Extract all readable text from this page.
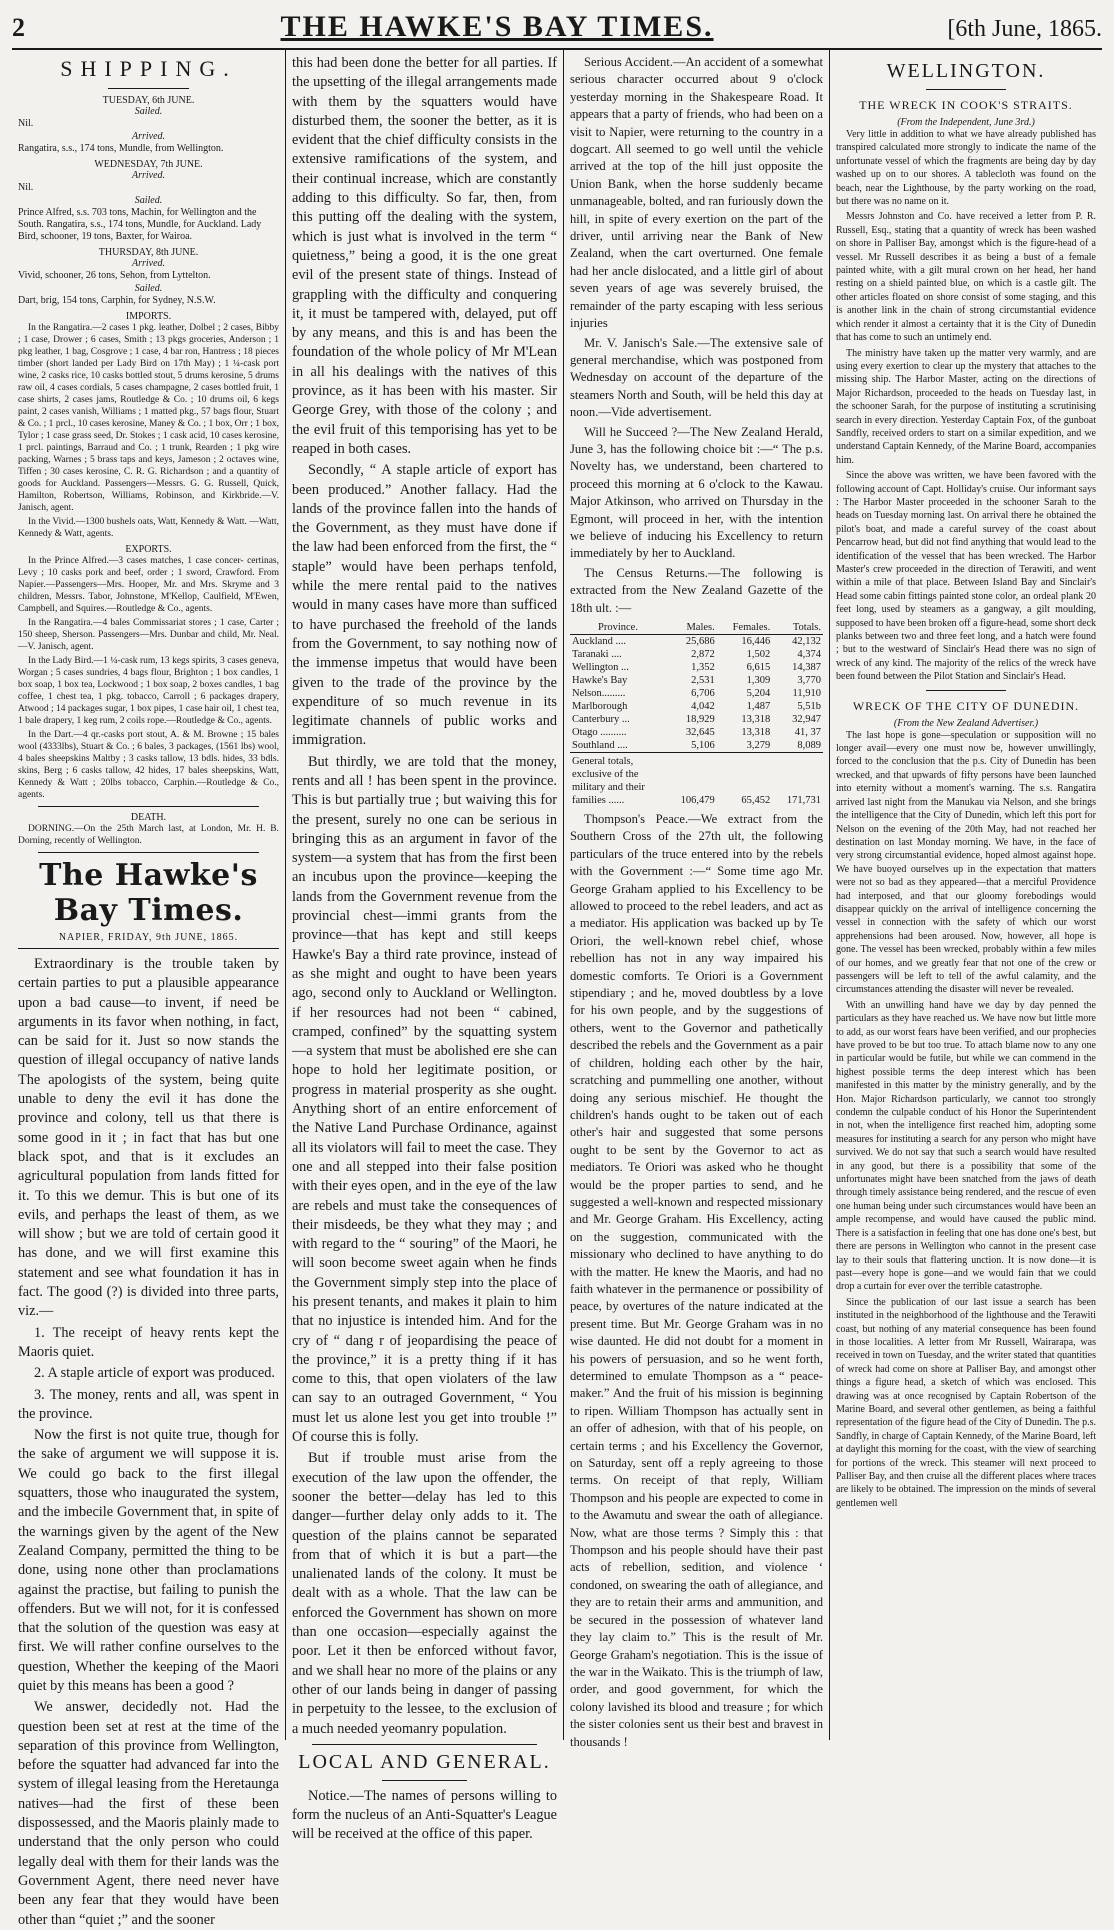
2	THE HAWKE'S BAY TIMES.	[6th June, 1865.
SHIPPING.
TUESDAY, 6th JUNE.
Sailed.
Nil.
Arrived.
Rangatira, s.s., 174 tons, Mundle, from Wellington.
WEDNESDAY, 7th JUNE.
Arrived.
Nil.
Sailed.
Prince Alfred, s.s. 703 tons, Machin, for Wellington and the South. Rangatira, s.s., 174 tons, Mundle, for Auckland. Lady Bird, schooner, 19 tons, Baxter, for Wairoa.
THURSDAY, 8th JUNE.
Arrived.
Vivid, schooner, 26 tons, Sehon, from Lyttelton.
Sailed.
Dart, brig, 154 tons, Carphin, for Sydney, N.S.W.
IMPORTS.

In the Rangatira.—2 cases 1 pkg. leather, Dolbel ; 2 cases, Bibby ; 1 case, Drower ; 6 cases, Smith ; 13 pkgs groceries, Anderson ; 1 pkg leather, 1 bag, Cosgrove ; 1 case, 4 bar ron, Hantress ; 18 pieces timber (short landed per Lady Bird on 17th May) ; 1 ¼-cask port wine, 2 casks rice, 10 casks bottled stout, 5 drums kerosine, 5 drums raw oil, 4 cases cordials, 5 cases champagne, 2 cases bottled fruit, 1 case shirts, 2 cases jams, Routledge & Co. ; 10 drums oil, 6 kegs paint, 2 cases vanish, Williams ; 1 matted pkg., 57 bags flour, Stuart & Co. ; 1 prcl., 10 cases kerosine, Maney & Co. ; 1 box, Orr ; 1 box, Tylor ; 1 case grass seed, Dr. Stokes ; 1 cask acid, 10 cases kerosine, 1 prcl. paintings, Barraud and Co. ; 1 trunk, Rearden ; 1 pkg wire packing, Warnes ; 5 brass taps and keys, Jameson ; 2 octaves wine, Tiffen ; 30 cases kerosine, C. R. G. Richardson ; and a quantity of goods for Auckland. Passengers—Messrs. G. G. Russell, Quick, Hamilton, Robertson, Williams, Robinson, and Kirkbride.—V. Janisch, agent.

In the Vivid.—1300 bushels oats, Watt, Kennedy & Watt. —Watt, Kennedy & Watt, agents.

EXPORTS.

In the Prince Alfred.—3 cases matches, 1 case concer- certinas, Levy ; 10 casks pork and beef, order ; 1 sword, Crawford. From Napier.—Passengers—Mrs. Hooper, Mr. and Mrs. Skryme and 3 children, Messrs. Tabor, Johnstone, M'Kellop, Caulfield, M'Ewen, Campbell, and Squires.—Routledge & Co., agents.

In the Rangatira.—4 bales Commissariat stores ; 1 case, Carter ; 150 sheep, Sherson. Passengers—Mrs. Dunbar and child, Mr. Neal.—V. Janisch, agent.

In the Lady Bird.—1 ¼-cask rum, 13 kegs spirits, 3 cases geneva, Worgan ; 5 cases sundries, 4 bags flour, Brighton ; 1 box candles, 1 box soap, 1 box tea, Lockwood ; 1 box soap, 2 boxes candles, 1 bag coffee, 1 chest tea, 1 pkg. tobacco, Carroll ; 6 packages drapery, Atwood ; 14 packages sugar, 1 box pipes, 1 case hair oil, 1 chest tea, 1 bale drapery, 1 keg rum, 2 coils rope.—Routledge & Co., agents.

In the Dart.—4 qr.-casks port stout, A. & M. Browne ; 15 bales wool (4333lbs), Stuart & Co. ; 6 bales, 3 packages, (1561 lbs) wool, 4 bales sheepskins Maltby ; 3 casks tallow, 13 bdls. hides, 33 bdls. skins, Berg ; 6 casks tallow, 42 hides, 17 bales sheepskins, Watt, Kennedy & Watt ; 20lbs tobacco, Carphin.—Routledge & Co., agents.

DEATH.

DORNING.—On the 25th March last, at London, Mr. H. B. Dorning, recently of Wellington.

The Hawke's Bay Times.
NAPIER, FRIDAY, 9th JUNE, 1865.

Extraordinary is the trouble taken by certain parties to put a plausible appearance upon a bad cause—to invent, if need be arguments in its favor when nothing, in fact, can be said for it. Just so now stands the question of illegal occupancy of native lands The apologists of the system, being quite unable to deny the evil it has done the province and colony, tell us that there is some good in it ; in fact that has but one black spot, and that is it excludes an agricultural population from lands fitted for it. To this we demur. This is but one of its evils, and perhaps the least of them, as we will show ; but we are told of certain good it has done, and we will first examine this statement and see what foundation it has in fact. The good (?) is divided into three parts, viz.—

1. The receipt of heavy rents kept the Maoris quiet.

2. A staple article of export was produced.

3. The money, rents and all, was spent in the province.

Now the first is not quite true, though for the sake of argument we will suppose it is. We could go back to the first illegal squatters, those who inaugurated the system, and the imbecile Government that, in spite of the warnings given by the agent of the New Zealand Company, permitted the thing to be done, using none other than proclamations against the practise, but failing to punish the offenders. But we will not, for it is confessed that the solution of the question was easy at first. We will rather confine ourselves to the question, Whether the keeping of the Maori quiet by this means has been a good ?

We answer, decidedly not. Had the question been set at rest at the time of the separation of this province from Wellington, before the squatter had advanced far into the system of illegal leasing from the Heretaunga natives—had the first of these been dispossessed, and the Maoris plainly made to understand that the only person who could legally deal with them for their lands was the Government Agent, there need never have been any fear that they would have been other than “quiet ;” and the sooner

this had been done the better for all parties. If the upsetting of the illegal arrangements made with them by the squatters would have disturbed them, the sooner the better, as it is evident that the chief difficulty consists in the extensive ramifications of the system, and their continual increase, which are constantly adding to this difficulty. So far, then, from this putting off the dealing with the system, which is just what is involved in the term “ quietness,” being a good, it is the one great evil of the present state of things. Instead of grappling with the difficulty and conquering it, it must be tampered with, delayed, put off by any means, and this is and has been the foundation of the whole policy of Mr M'Lean in all his dealings with the natives of this province, as it has been with his master. Sir George Grey, with those of the colony ; and the evil fruit of this temporising has yet to be reaped in both cases.

Secondly, “ A staple article of export has been produced.” Another fallacy. Had the lands of the province fallen into the hands of the Government, as they must have done if the law had been enforced from the first, the “ staple” would have been perhaps tenfold, while the mere rental paid to the natives would in many cases have more than sufficed to have purchased the freehold of the lands from the Government, to say nothing now of the immense impetus that would have been given to the trade of the province by the expenditure of so much revenue in its legitimate channels of public works and immigration.

But thirdly, we are told that the money, rents and all ! has been spent in the province. This is but partially true ; but waiving this for the present, surely no one can be serious in bringing this as an argument in favor of the system—a system that has from the first been an incubus upon the province—keeping the lands from the Government revenue from the provincial chest—immi grants from the province—that has kept and still keeps Hawke's Bay a third rate province, instead of as she might and ought to have been years ago, second only to Auckland or Wellington. if her resources had not been “ cabined, cramped, confined” by the squatting system—a system that must be abolished ere she can hope to hold her legitimate position, or progress in material prosperity as she ought. Anything short of an entire enforcement of the Native Land Purchase Ordinance, against all its violators will fail to meet the case. They one and all stepped into their false position with their eyes open, and in the eye of the law are rebels and must take the consequences of their misdeeds, be they what they may ; and with regard to the “ souring” of the Maori, he will soon become sweet again when he finds the Government simply step into the place of his present tenants, and makes it plain to him that no injustice is intended him. And for the cry of “ dang r of jeopardising the peace of the province,” it is a pretty thing if it has come to this, that open violaters of the law can say to an outraged Government, “ You must let us alone lest you get into trouble !” Of course this is folly.

But if trouble must arise from the execution of the law upon the offender, the sooner the better—delay has led to this danger—further delay only adds to it. The question of the plains cannot be separated from that of which it is but a part—the unalienated lands of the colony. It must be dealt with as a whole. That the law can be enforced the Government has shown on more than one occasion—especially against the poor. Let it then be enforced without favor, and we shall hear no more of the plains or any other of our lands being in danger of passing in perpetuity to the lessee, to the exclusion of a much needed yeomanry population.

LOCAL AND GENERAL.

Notice.—The names of persons willing to form the nucleus of an Anti-Squatter's League will be received at the office of this paper.

Serious Accident.—An accident of a somewhat serious character occurred about 9 o'clock yesterday morning in the Shakespeare Road. It appears that a party of friends, who had been on a visit to Napier, were returning to the country in a dogcart. All seemed to go well until the vehicle arrived at the top of the hill just opposite the Union Bank, when the horse suddenly became unmanageable, bolted, and ran furiously down the hill, in spite of every exertion on the part of the driver, until arriving near the Bank of New Zealand, when the cart overturned. One female had her ancle dislocated, and a little girl of about seven years of age was severely bruised, the remainder of the party escaping with less serious injuries

Mr. V. Janisch's Sale.—The extensive sale of general merchandise, which was postponed from Wednesday on account of the departure of the steamers North and South, will be held this day at noon.—Vide advertisement.

Will he Succeed ?—The New Zealand Herald, June 3, has the following choice bit :—“ The p.s. Novelty has, we understand, been chartered to proceed this morning at 6 o'clock to the Kawau. Major Atkinson, who arrived on Thursday in the Egmont, will proceed in her, with the intention we believe of inducing his Excellency to return immediately by her to Auckland.

The Census Returns.—The following is extracted from the New Zealand Gazette of the 18th ult. :—

Province.	Males.	Females.	Totals.
Auckland ....	25,686	16,446	42,132
Taranaki ....	2,872	1,502	4,374
Wellington ...	1,352	6,615	14,387
Hawke's Bay	2,531	1,309	3,770
Nelson.........	6,706	5,204	11,910
Marlborough	4,042	1,487	5,51b
Canterbury ...	18,929	13,318	32,947
Otago ..........	32,645	13,318	41, 37
Southland ....	5,106	3,279	8,089
General totals, exclusive of the military and their families ......	106,479	65,452	171,731

Thompson's Peace.—We extract from the Southern Cross of the 27th ult, the following particulars of the truce entered into by the rebels with the Government :—“ Some time ago Mr. George Graham applied to his Excellency to be allowed to proceed to the rebel leaders, and act as a mediator. His application was backed up by Te Oriori, the well-known rebel chief, whose rebellion has not in any way impaired his domestic comforts. Te Oriori is a Government stipendiary ; and he, moved doubtless by a love for his own people, and by the suggestions of others, went to the Governor and pathetically described the rebels and the Government as a pair of children, holding each other by the hair, scratching and pummelling one another, without doing any serious mischief. He thought the children's hands ought to be taken out of each other's hair and suggested that some persons ought to be sent by the Governor to act as mediators. Te Oriori was asked who he thought would be the proper parties to send, and he suggested a well-known and respected missionary and Mr. George Graham. His Excellency, acting on the suggestion, communicated with the missionary who declined to have anything to do with the matter. He knew the Maoris, and had no faith whatever in the permanence or possibility of peace, by overtures of the nature indicated at the present time. But Mr. George Graham was in no wise daunted. He did not doubt for a moment in his powers of persuasion, and so he went forth, determined to emulate Thompson as a “ peace-maker.” And the fruit of his mission is beginning to ripen. William Thompson has actually sent in an offer of adhesion, with that of his people, on certain terms ; and his Excellency the Governor, on Saturday, sent off a reply agreeing to those terms. On receipt of that reply, William Thompson and his people are expected to come in to the Awamutu and swear the oath of allegiance. Now, what are those terms ? Simply this : that Thompson and his people should have their past acts of rebellion, sedition, and violence ‘ condoned, on swearing the oath of allegiance, and they are to retain their arms and ammunition, and be secured in the possession of whatever land they lay claim to.” This is the result of Mr. George Graham's negotiation. This is the issue of the war in the Waikato. This is the triumph of law, order, and good government, for which the colony lavished its blood and treasure ; for which the sister colonies sent us their best and bravest in thousands !

WELLINGTON.
THE WRECK IN COOK'S STRAITS.
(From the Independent, June 3rd.)

Very little in addition to what we have already published has transpired calculated more strongly to indicate the name of the unfortunate vessel of which the fragments are being day by day washed up on to our shores. A tablecloth was found on the beach, near the Lighthouse, by the party working on the road, but there was no name on it.

Messrs Johnston and Co. have received a letter from P. R. Russell, Esq., stating that a quantity of wreck has been washed on shore in Palliser Bay, amongst which is the figure-head of a vessel. Mr Russell describes it as being a bust of a female painted white, with a gilt mural crown on her head, her hand resting on a shield painted blue, on which is a castle gilt. The other articles floated on shore consist of some staging, and this is another link in the chain of strong circumstantial evidence which render it almost a certainty that it is the City of Dunedin that has come to such an untimely end.

The ministry have taken up the matter very warmly, and are using every exertion to clear up the mystery that attaches to the missing ship. The Harbor Master, acting on the directions of Major Richardson, proceeded to the heads on Tuesday last, in the schooner Sarah, for the purpose of instituting a scrutinising search in every direction. Yesterday Captain Fox, of the gunboat Sandfly, received orders to start on a similar expedition, and we understand Captain Kennedy, of the Marine Board, accompanies him.

Since the above was written, we have been favored with the following account of Capt. Holliday's cruise. Our informant says : The Harbor Master proceeded in the schooner Sarah to the heads on Tuesday morning last. On arrival there he obtained the pilot's boat, and made a careful survey of the coast about Pencarrow head, but did not find anything that would lead to the identification of the vessel that has been wrecked. The Harbor Master's crew proceeded in the direction of Terawiti, and went within a mile of that place. Between Island Bay and Sinclair's Head some cabin fittings painted stone color, an ordeal plank 20 feet long, used by steamers as a gangway, a gilt moulding, supposed to have been broken off a figure-head, some short deck planks between two and three feet long, and a hatch were found ; but to the westward of Sinclair's Head there was no sign of wreck of any kind. The majority of the relics of the wreck have been found between the Pilot Station and Sinclair's Head.

WRECK OF THE CITY OF DUNEDIN.
(From the New Zealand Advertiser.)

The last hope is gone—speculation or supposition will no longer avail—every one must now be, however unwillingly, forced to the conclusion that the p.s. City of Dunedin has been wrecked, and that upwards of fifty persons have been launched into eternity without a moment's warning. The s.s. Rangatira arrived last night from the Manukau via Nelson, and she brings the intelligence that the City of Dunedin, which left this port for Nelson on the evening of the 20th May, had not reached her destination on last Monday morning. We have, in the face of very strong circumstantial evidence, hoped almost against hope. We have buoyed ourselves up in the expectation that matters were not so bad as they appeared—that a merciful Providence had interposed, and that our gloomy forebodings would disappear quickly on the arrival of intelligence concerning the vessel in connection with the safety of which our worst apprehensions had been aroused. Now, however, all hope is gone. The vessel has been wrecked, probably within a few miles of our homes, and we greatly fear that not one of the crew or passengers will be left to tell of the awful calamity, and the circumstances attending the disaster will never be revealed.

With an unwilling hand have we day by day penned the particulars as they have reached us. We have now but little more to add, as our worst fears have been verified, and our prophecies have proved to be but too true. To attach blame now to any one in particular would be futile, but while we can commend in the highest possible terms the deep interest which has been manifested in this matter by the ministry generally, and by the Hon. Major Richardson particularly, we cannot too strongly condemn the culpable conduct of his Honor the Superintendent in not, when the intelligence first reached him, adopting some measures for instituting a search for any person who might have survived. We do not say that such a search would have resulted in any good, but there is a possibility that some of the unfortunates might have been snatched from the jaws of death through timely assistance being rendered, and the rescue of even one human being under such circumstances would have been an ample recompense, and would have caused the public mind. There is a satisfaction in feeling that one has done one's best, but there are persons in Wellington who cannot in the present case lay to their souls that flattering unction. It is now done—it is past—every hope is gone—and we would fain that we could drop a curtain for ever over the terrible catastrophe.

Since the publication of our last issue a search has been instituted in the neighborhood of the lighthouse and the Terawiti coast, but nothing of any material consequence has been found in those localities. A letter from Mr Russell, Wairarapa, was received in town on Tuesday, and the writer stated that quantities of wreck had come on shore at Palliser Bay, and amongst other things a figure head, a sketch of which was enclosed. This drawing was at once recognised by Captain Robertson of the Marine Board, and several other gentlemen, as being a faithful representation of the figure head of the City of Dunedin. The p.s. Sandfly, in charge of Captain Kennedy, of the Marine Board, left at daylight this morning for the coast, with the view of searching for portions of the wreck. This steamer will next proceed to Palliser Bay, and then cruise all the different places where traces are likely to be obtained. The impression on the minds of several gentlemen well
